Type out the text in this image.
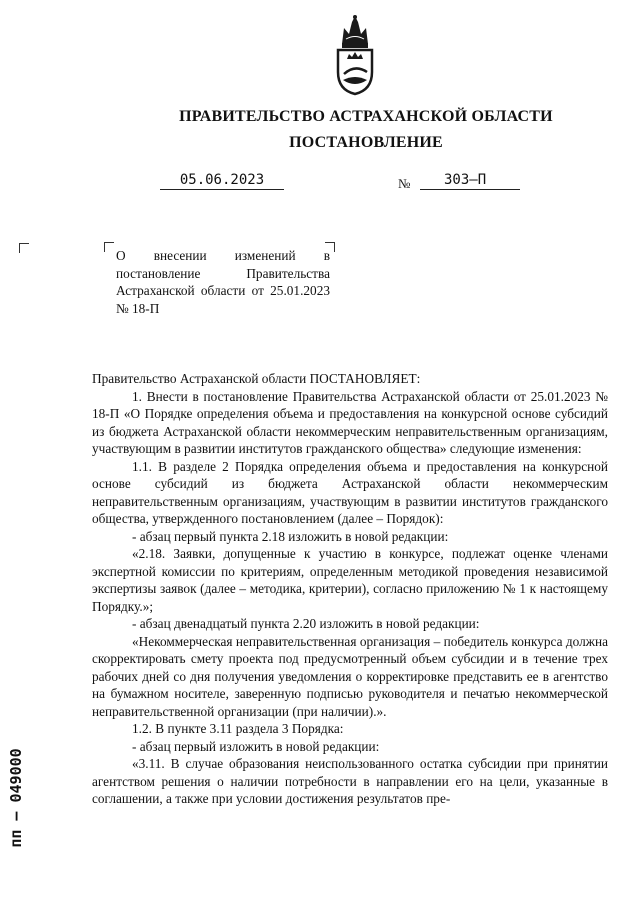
ПРАВИТЕЛЬСТВО АСТРАХАНСКОЙ ОБЛАСТИ
ПОСТАНОВЛЕНИЕ
05.06.2023	№	303–П
О внесении изменений в постановление Правительства Астраханской области от 25.01.2023 № 18-П

Правительство Астраханской области ПОСТАНОВЛЯЕТ:

1. Внести в постановление Правительства Астраханской области от 25.01.2023 № 18-П «О Порядке определения объема и предоставления на конкурсной основе субсидий из бюджета Астраханской области некоммерческим неправительственным организациям, участвующим в развитии институтов гражданского общества» следующие изменения:

1.1. В разделе 2 Порядка определения объема и предоставления на конкурсной основе субсидий из бюджета Астраханской области некоммерческим неправительственным организациям, участвующим в развитии институтов гражданского общества, утвержденного постановлением (далее – Порядок):

- абзац первый пункта 2.18 изложить в новой редакции:

«2.18. Заявки, допущенные к участию в конкурсе, подлежат оценке членами экспертной комиссии по критериям, определенным методикой проведения независимой экспертизы заявок (далее – методика, критерии), согласно приложению № 1 к настоящему Порядку.»;

- абзац двенадцатый пункта 2.20 изложить в новой редакции:

«Некоммерческая неправительственная организация – победитель конкурса должна скорректировать смету проекта под предусмотренный объем субсидии и в течение трех рабочих дней со дня получения уведомления о корректировке представить ее в агентство на бумажном носителе, заверенную подписью руководителя и печатью некоммерческой неправительственной организации (при наличии).».

1.2. В пункте 3.11 раздела 3 Порядка:

- абзац первый изложить в новой редакции:

«3.11. В случае образования неиспользованного остатка субсидии при принятии агентством решения о наличии потребности в направлении его на цели, указанные в соглашении, а также при условии достижения результатов пре-

пп – 049000
